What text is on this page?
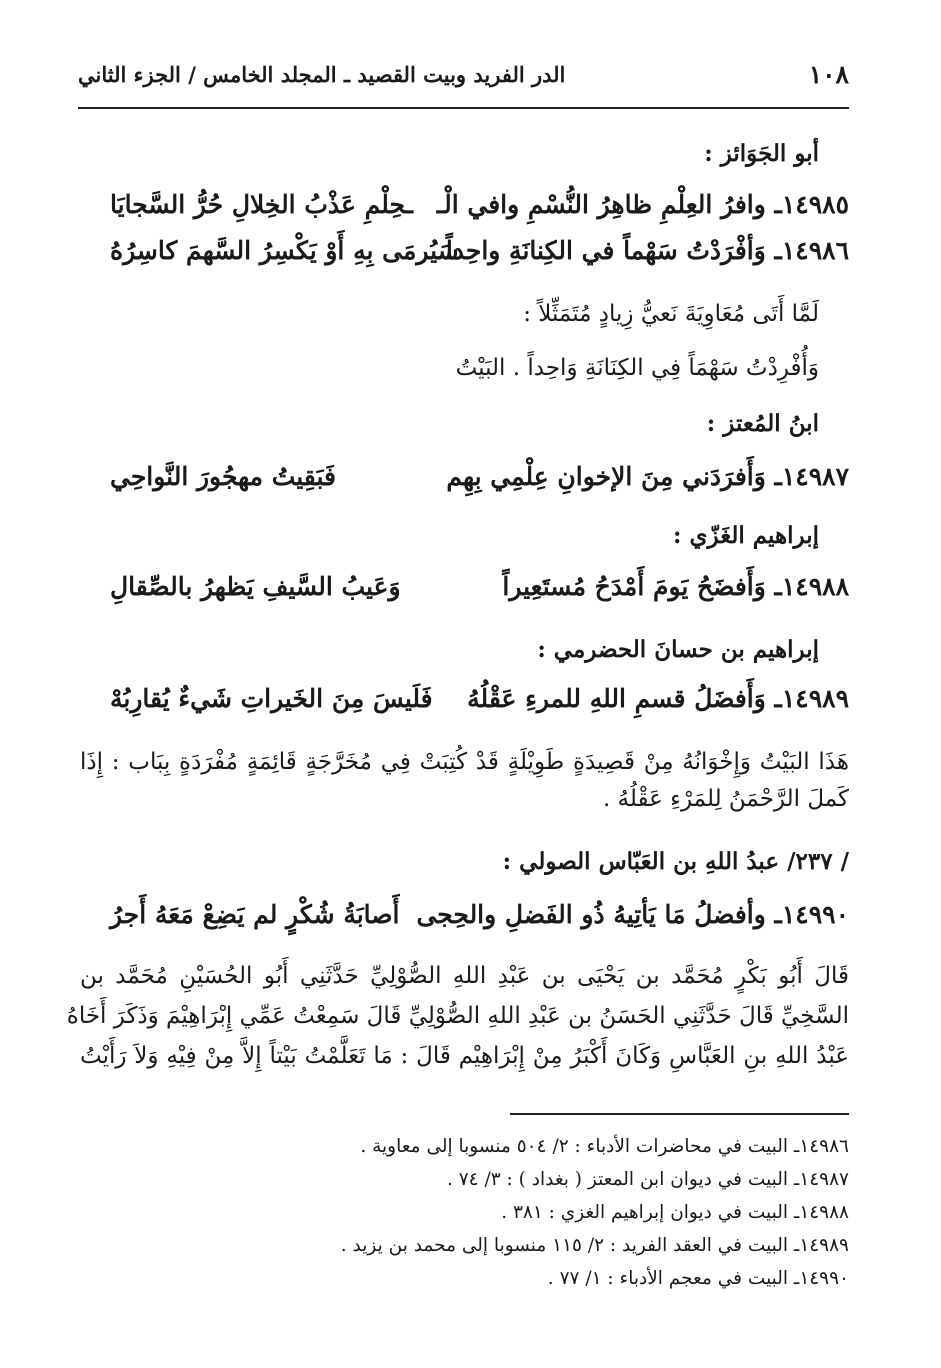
١٠٨
الدر الفريد وبيت القصيد ـ المجلد الخامس / الجزء الثاني
أبو الجَوَائز :
١٤٩٨٥ـ وافرُ العِلْمِ ظاهِرُ النُّسْمِ وافي الْـ
ـحِلْمِ عَذْبُ الخِلالِ حُرُّ السَّجايَا
١٤٩٨٦ـ وَأفْرَدْتُ سَهْماً في الكِنانَةِ واحِداً
سَيُرمَى بِهِ أَوْ يَكْسِرُ السَّهمَ كاسِرُهُ
لَمَّا أَتَى مُعَاوِيَةَ نَعيُّ زِيادٍ مُتَمَثِّلاً :
وَأُفْرِدْتُ سَهْمَاً فِي الكِنَانَةِ وَاحِداً . البَيْتُ
ابنُ المُعتز :
١٤٩٨٧ـ وَأَفرَدَني مِنَ الإخوانِ عِلْمِي بِهِم
فَبَقِيتُ مهجُورَ النَّواحِي
إبراهيم الغَزّي :
١٤٩٨٨ـ وَأَفضَحُ يَومَ أَمْدَحُ مُستَعِيراً
وَعَيبُ السَّيفِ يَظهرُ بالصِّقالِ
إبراهيم بن حسانَ الحضرمي :
١٤٩٨٩ـ وَأَفضَلُ قسمِ اللهِ للمرءِ عَقْلُهُ
فَلَيسَ مِنَ الخَيراتِ شَيءٌ يُقارِبُهْ
هَذَا البَيْتُ وَإِخْوَانُهُ مِنْ قَصِيدَةٍ طَوِيْلَةٍ قَدْ كُتِبَتْ فِي مُخَرَّجَةٍ قَائِمَةٍ مُفْرَدَةٍ بِبَاب : إِذَا
كَملَ الرَّحْمَنُ لِلمَرْءِ عَقْلُهُ .
/ ٢٣٧/ عبدُ اللهِ بن العَبّاس الصولي :
١٤٩٩٠ـ وأفضلُ مَا يَأتِيهُ ذُو الفَضلِ والحِجى
أَصابَةُ شُكْرٍ لم يَضِعْ مَعَهُ أَجرُ
قَالَ أَبُو بَكْرٍ مُحَمَّد بن يَحْيَى بن عَبْدِ اللهِ الصُّوْلِيِّ حَدَّثَنِي أَبُو الحُسَيْنِ مُحَمَّد بن
السَّخِيِّ قَالَ حَدَّثَنِي الحَسَنُ بن عَبْدِ اللهِ الصُّوْلِيِّ قَالَ سَمِعْتُ عَمِّي إِبْرَاهِيْمَ وَذَكَرَ أَخَاهُ
عَبْدُ اللهِ بنِ العَبَّاسِ وَكَانَ أَكْبَرُ مِنْ إِبْرَاهِيْم قَالَ : مَا تَعَلَّمْتُ بَيْتاً إِلاَّ مِنْ فِيْهِ وَلاَ رَأَيْتُ
١٤٩٨٦ـ البيت في محاضرات الأدباء : ٢/ ٥٠٤ منسوبا إلى معاوية .
١٤٩٨٧ـ البيت في ديوان ابن المعتز ( بغداد ) : ٣/ ٧٤ .
١٤٩٨٨ـ البيت في ديوان إبراهيم الغزي : ٣٨١ .
١٤٩٨٩ـ البيت في العقد الفريد : ٢/ ١١٥ منسوبا إلى محمد بن يزيد .
١٤٩٩٠ـ البيت في معجم الأدباء : ١/ ٧٧ .
